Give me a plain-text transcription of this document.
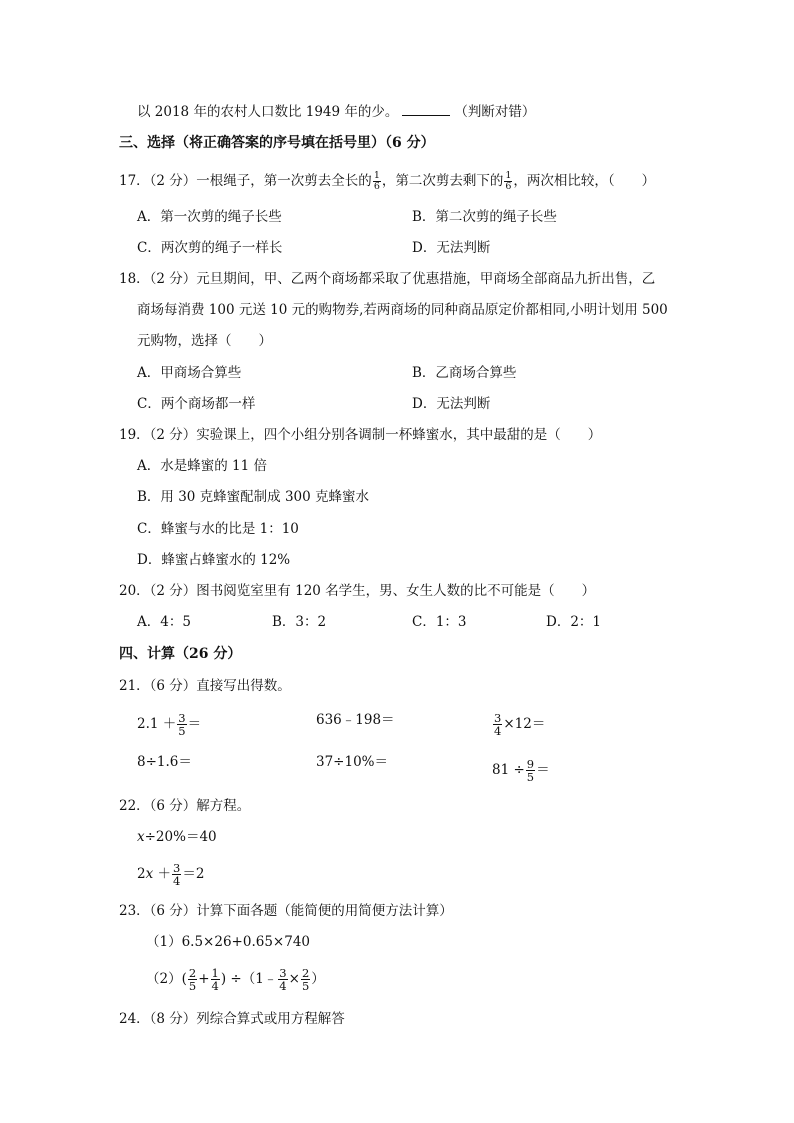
以 2018 年的农村人口数比 1949 年的少。	（判断对错）
三、选择（将正确答案的序号填在括号里）（6 分）
17．（2 分）一根绳子，第一次剪去全长的 $\frac{1}{6}$ ，第二次剪去剩下的 $\frac{1}{6}$ ，两次相比较，（　　）
A．第一次剪的绳子长些	B．第二次剪的绳子长些
C．两次剪的绳子一样长	D．无法判断
18．（2 分）元旦期间，甲、乙两个商场都采取了优惠措施，甲商场全部商品九折出售，乙
商场每消费 100 元送 10 元的购物券,若两商场的同种商品原定价都相同,小明计划用 500
元购物，选择（　　）
A．甲商场合算些	B．乙商场合算些
C．两个商场都一样	D．无法判断
19．（2 分）实验课上，四个小组分别各调制一杯蜂蜜水，其中最甜的是（　　）
A．水是蜂蜜的 11 倍
B．用 30 克蜂蜜配制成 300 克蜂蜜水
C．蜂蜜与水的比是 1：10
D．蜂蜜占蜂蜜水的 12%
20．（2 分）图书阅览室里有 120 名学生，男、女生人数的比不可能是（　　）
A．4：5	B．3：2	C．1：3	D．2：1
四、计算（26 分）
21．（6 分）直接写出得数。
$2.1 + \frac{3}{5}$ ＝	636﹣198＝	$\frac{3}{4} \times 12=$
8÷1.6＝	37÷10%＝	$81 \div \frac{9}{5}$ ＝
22．（6 分）解方程。
x÷20%＝40
$2x + \frac{3}{4} =2$
23．（6 分）计算下面各题（能简便的用简便方法计算）
（1）6.5×26+0.65×740
$(2)( \frac{2}{5} + \frac{1}{4}$ ) ÷（1﹣ $\frac{3}{4} \times \frac{2}{5}$ ）
24．（8 分）列综合算式或用方程解答
